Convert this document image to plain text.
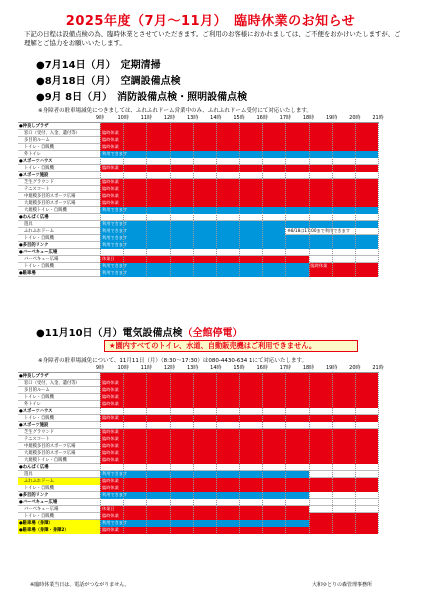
2025年度（7月～11月）　臨時休業のお知らせ
下記の日程は設備点検の為、臨時休業とさせていただきます。ご利用のお客様におかれましては、ご不便をおかけいたしますが、ご理解とご協力をお願いいたします。
●7月14日（月）　定期清掃
●8月18日（月）　空調設備点検
●9月 8日（月）　消防設備点検・照明設備点検
※身障者の駐車場減免につきましては、ふれふれドーム営業中のみ、ふれふれドーム受付にて対応いたします。
9時	10時 11時 12時 13時 14時 15時 16時 17時 18時 19時 20時 21時
●仲良しプラザ
窓口（受付、入金、遺付等）	臨時休業
多目的ルーム	臨時休業
トイレ・自販機	臨時休業
外トイレ	利用できます
●スポーツハウス
トイレ・自販機	臨時休業
●スポーツ施設
芝生グラウンド	臨時休業
テニスコート	臨時休業
中規模多目的スポーツ広場	臨時休業
大規模多目的スポーツ広場	臨時休業
大規模トイレ・自販機	利用できます
●わんぱく広場
遊具	利用できます
ふれふれドーム	利用できます	※8/18は17:00まで利用できます
トイレ・自販機	利用できます
●多目的リンク	利用できます
●バーベキュー広場
バーベキュー広場	休業日
トイレ・自販機	利用できます	臨時休業
●駐車場	利用できます
●11月10日（月）電気設備点検（全館停電）
★園内すべてのトイレ、水道、自動販売機はご利用できません。
※身障者の駐車場減免について、11月11日（月）（8:30～17:30）は080-4430-634 1にて対応いたします。
9時	10時 11時 12時 13時 14時 15時 16時 17時 18時 19時 20時 21時
●仲良しプラザ
窓口（受付、入金、遺付等）	臨時休業
多目的ルーム	臨時休業
トイレ・自販機	臨時休業
外トイレ	臨時休業
●スポーツハウス
トイレ・自販機	臨時休業
●スポーツ施設
芝生グラウンド	臨時休業
テニスコート	臨時休業
中規模多目的スポーツ広場	臨時休業
大規模多目的スポーツ広場	臨時休業
大規模トイレ・自販機	臨時休業
●わんぱく広場
遊具	利用できます
ふれふれドーム	臨時休業
トイレ・自販機	臨時休業
●多目的リンク	利用できます
●バーベキュー広場
バーベキュー広場	休業日
トイレ・自販機	臨時休業
●駐車場（身障）	利用できます
●駐車場（身障・身障2）	臨時休業
※臨時休業当日は、電話がつながりません。	大和ゆとりの森管理事務所
